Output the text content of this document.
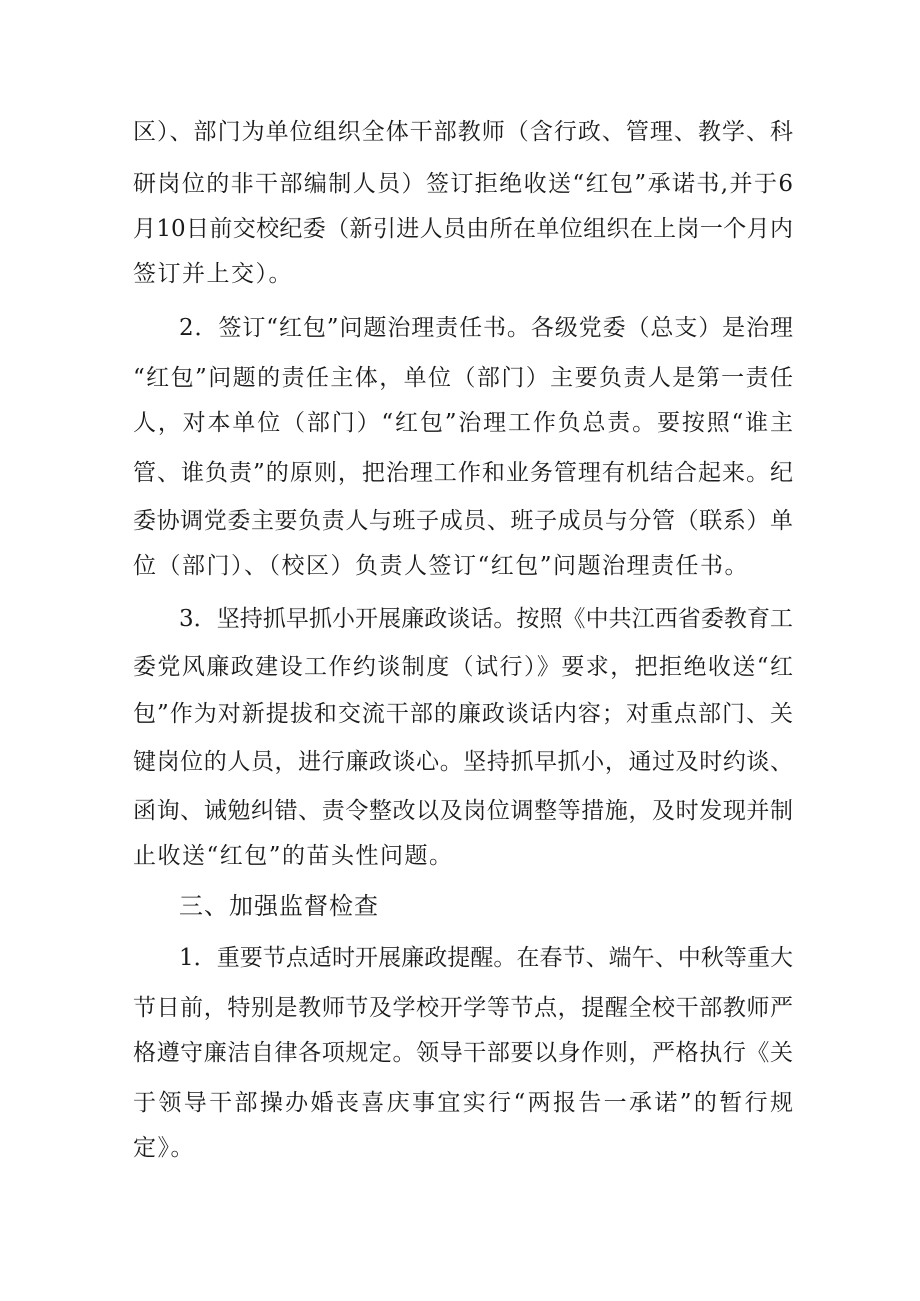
区）、部门为单位组织全体干部教师（含行政、管理、教学、科
研岗位的非干部编制人员）签订拒绝收送“红包”承诺书,并于6
月10日前交校纪委（新引进人员由所在单位组织在上岗一个月内
签订并上交）。
2．签订“红包”问题治理责任书。各级党委（总支）是治理
“红包”问题的责任主体，单位（部门）主要负责人是第一责任
人，对本单位（部门）“红包”治理工作负总责。要按照“谁主
管、谁负责”的原则，把治理工作和业务管理有机结合起来。纪
委协调党委主要负责人与班子成员、班子成员与分管（联系）单
位（部门）、（校区）负责人签订“红包”问题治理责任书。
3．坚持抓早抓小开展廉政谈话。按照《中共江西省委教育工
委党风廉政建设工作约谈制度（试行）》要求，把拒绝收送“红
包”作为对新提拔和交流干部的廉政谈话内容；对重点部门、关
键岗位的人员，进行廉政谈心。坚持抓早抓小，通过及时约谈、
函询、诫勉纠错、责令整改以及岗位调整等措施，及时发现并制
止收送“红包”的苗头性问题。
三、加强监督检查
1．重要节点适时开展廉政提醒。在春节、端午、中秋等重大
节日前，特别是教师节及学校开学等节点，提醒全校干部教师严
格遵守廉洁自律各项规定。领导干部要以身作则，严格执行《关
于领导干部操办婚丧喜庆事宜实行“两报告一承诺”的暂行规
定》。
